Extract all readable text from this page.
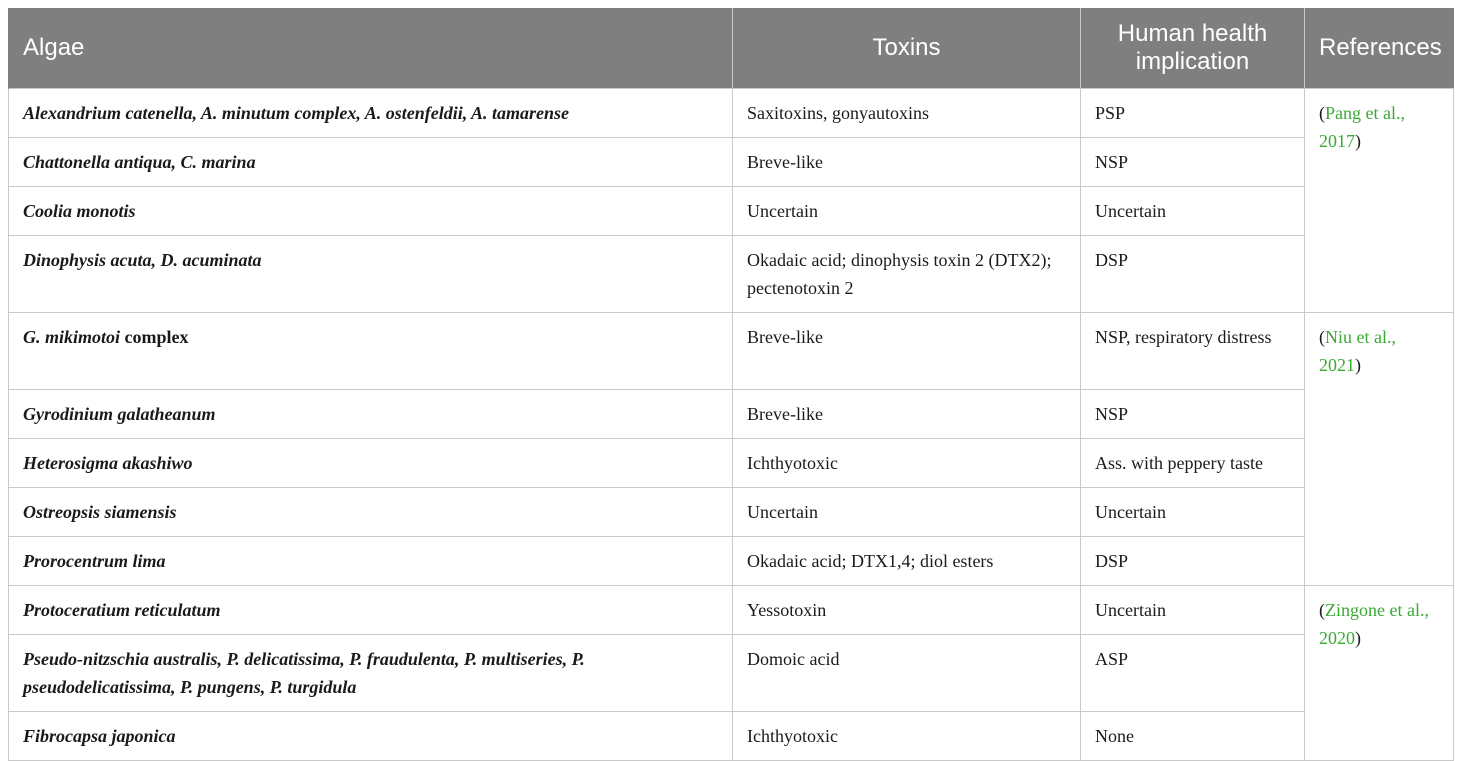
Algae	Toxins	Human health implication	References
Alexandrium catenella, A. minutum complex, A. ostenfeldii, A. tamarense	Saxitoxins, gonyautoxins	PSP	(Pang et al., 2017)
Chattonella antiqua, C. marina	Breve-like	NSP	
Coolia monotis	Uncertain	Uncertain	
Dinophysis acuta, D. acuminata	Okadaic acid; dinophysis toxin 2 (DTX2); pectenotoxin 2	DSP	
G. mikimotoi complex	Breve-like	NSP, respiratory distress	(Niu et al., 2021)
Gyrodinium galatheanum	Breve-like	NSP	
Heterosigma akashiwo	Ichthyotoxic	Ass. with peppery taste	
Ostreopsis siamensis	Uncertain	Uncertain	
Prorocentrum lima	Okadaic acid; DTX1,4; diol esters	DSP	
Protoceratium reticulatum	Yessotoxin	Uncertain	(Zingone et al., 2020)
Pseudo-nitzschia australis, P. delicatissima, P. fraudulenta, P. multiseries, P. pseudodelicatissima, P. pungens, P. turgidula	Domoic acid	ASP	
Fibrocapsa japonica	Ichthyotoxic	None	
